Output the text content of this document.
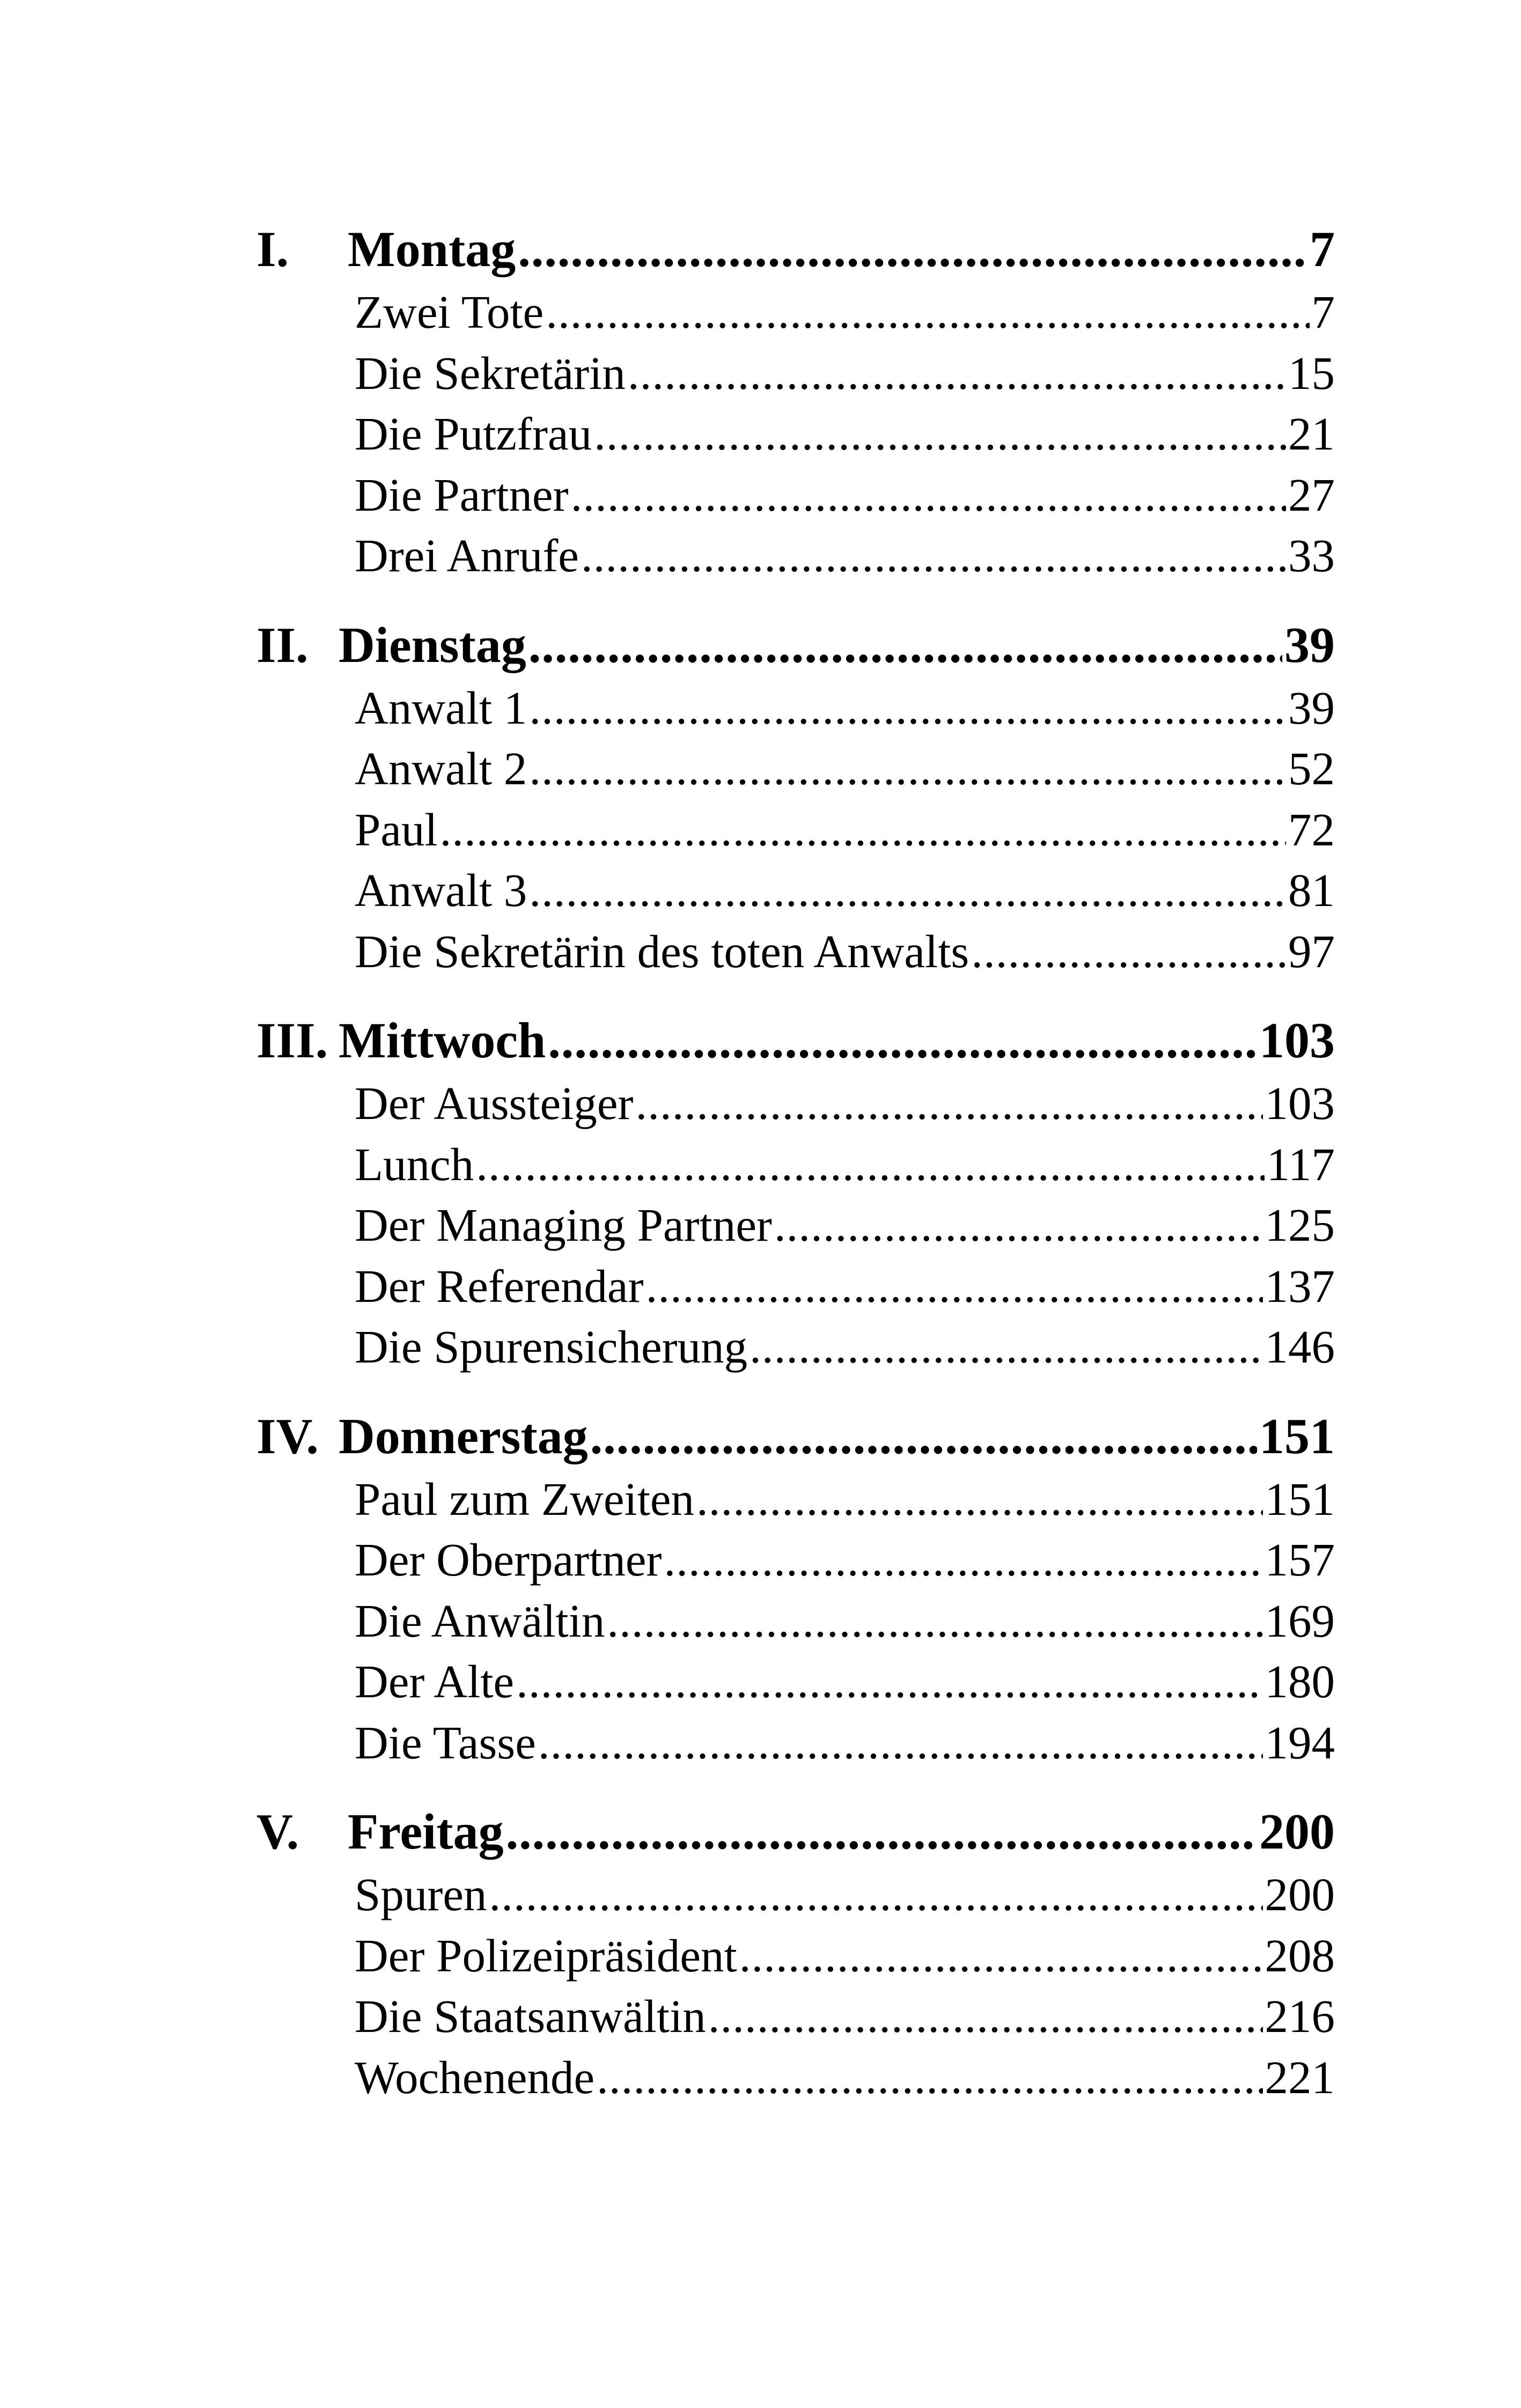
I.	Montag .....	7
Zwei Tote .....	7
Die Sekretärin .....	15
Die Putzfrau .....	21
Die Partner .....	27
Drei Anrufe .....	33
II. Dienstag .....	39
Anwalt 1 .....	39
Anwalt 2 .....	52
Paul .....	72
Anwalt 3 .....	81
Die Sekretärin des toten Anwalts .....	97
III. Mittwoch .....	103
Der Aussteiger .....	103
Lunch .....	117
Der Managing Partner .....	125
Der Referendar .....	137
Die Spurensicherung .....	146
IV. Donnerstag .....	151
Paul zum Zweiten .....	151
Der Oberpartner .....	157
Die Anwältin .....	169
Der Alte .....	180
Die Tasse .....	194
V. Freitag .....	200
Spuren .....	200
Der Polizeipräsident .....	208
Die Staatsanwältin .....	216
Wochenende .....	221
